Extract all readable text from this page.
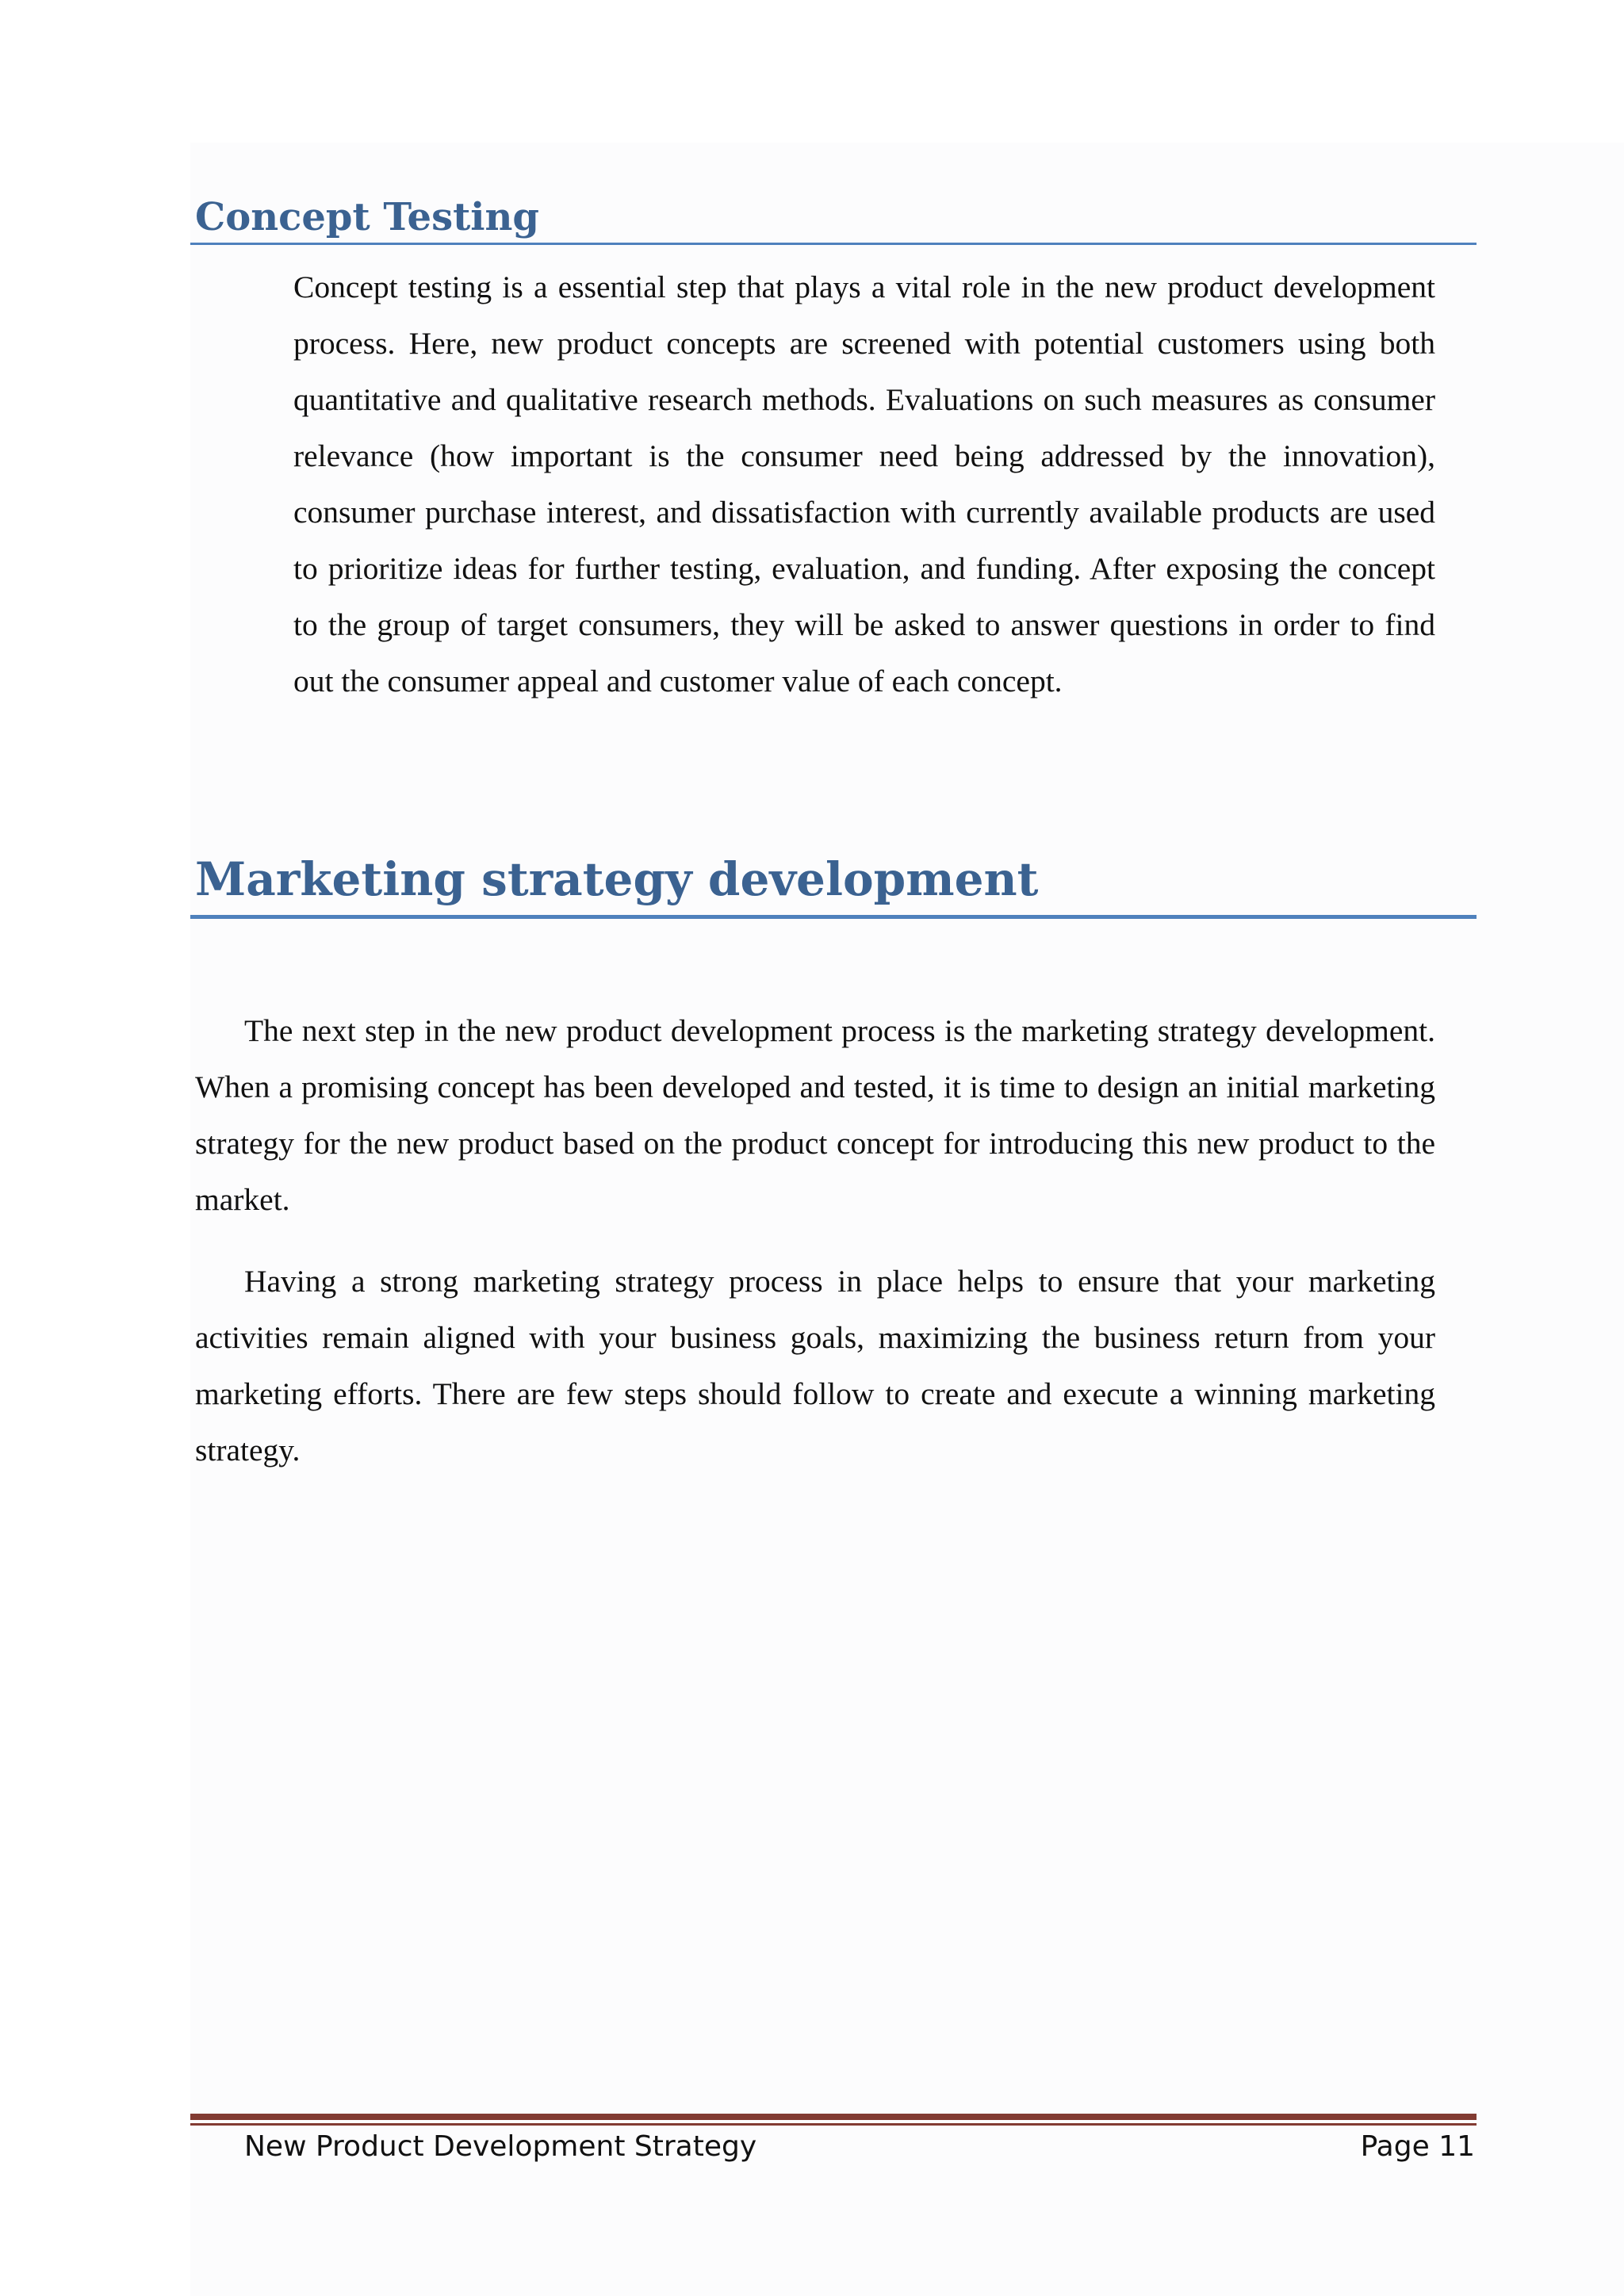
Concept Testing

Concept testing is a essential step that plays a vital role in the new product development process. Here, new product concepts are screened with potential customers using both quantitative and qualitative research methods. Evaluations on such measures as consumer relevance (how important is the consumer need being addressed by the innovation), consumer purchase interest, and dissatisfaction with currently available products are used to prioritize ideas for further testing, evaluation, and funding. After exposing the concept to the group of target consumers, they will be asked to answer questions in order to find out the consumer appeal and customer value of each concept.

Marketing strategy development

The next step in the new product development process is the marketing strategy development. When a promising concept has been developed and tested, it is time to design an initial marketing strategy for the new product based on the product concept for introducing this new product to the market.

Having a strong marketing strategy process in place helps to ensure that your marketing activities remain aligned with your business goals, maximizing the business return from your marketing efforts. There are few steps should follow to create and execute a winning marketing strategy.

New Product Development Strategy	Page 11
